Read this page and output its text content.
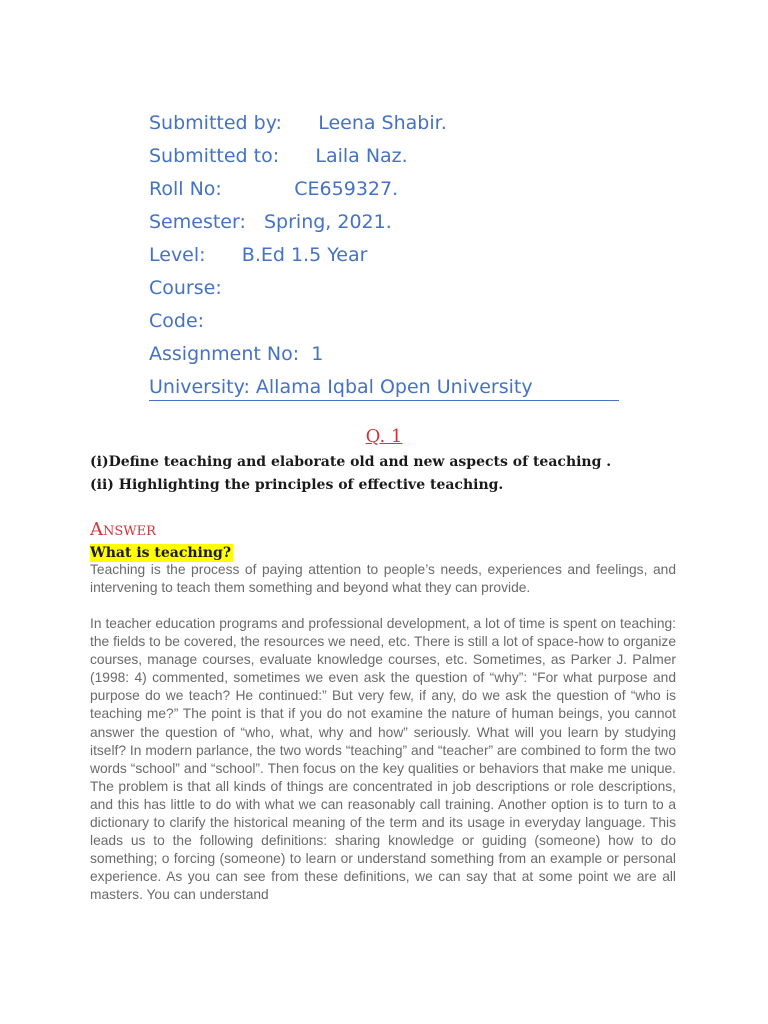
Submitted by:      Leena Shabir.
Submitted to:      Laila Naz.
Roll No:            CE659327.
Semester:   Spring, 2021.
Level:      B.Ed 1.5 Year
Course:
Code:
Assignment No:  1
University: Allama Iqbal Open University
Q. 1
(i)Define teaching and elaborate old and new aspects of teaching .
(ii) Highlighting the principles of effective teaching.
Answer
What is teaching?

Teaching is the process of paying attention to people’s needs, experiences and feelings, and intervening to teach them something and beyond what they can provide.

In teacher education programs and professional development, a lot of time is spent on teaching: the fields to be covered, the resources we need, etc. There is still a lot of space-how to organize courses, manage courses, evaluate knowledge courses, etc. Sometimes, as Parker J. Palmer (1998: 4) commented, sometimes we even ask the question of “why”: “For what purpose and purpose do we teach? He continued:” But very few, if any, do we ask the question of “who is teaching me?” The point is that if you do not examine the nature of human beings, you cannot answer the question of “who, what, why and how” seriously. What will you learn by studying itself? In modern parlance, the two words “teaching” and “teacher” are combined to form the two words “school” and “school”. Then focus on the key qualities or behaviors that make me unique. The problem is that all kinds of things are concentrated in job descriptions or role descriptions, and this has little to do with what we can reasonably call training. Another option is to turn to a dictionary to clarify the historical meaning of the term and its usage in everyday language. This leads us to the following definitions: sharing knowledge or guiding (someone) how to do something; o forcing (someone) to learn or understand something from an example or personal experience. As you can see from these definitions, we can say that at some point we are all masters. You can understand
